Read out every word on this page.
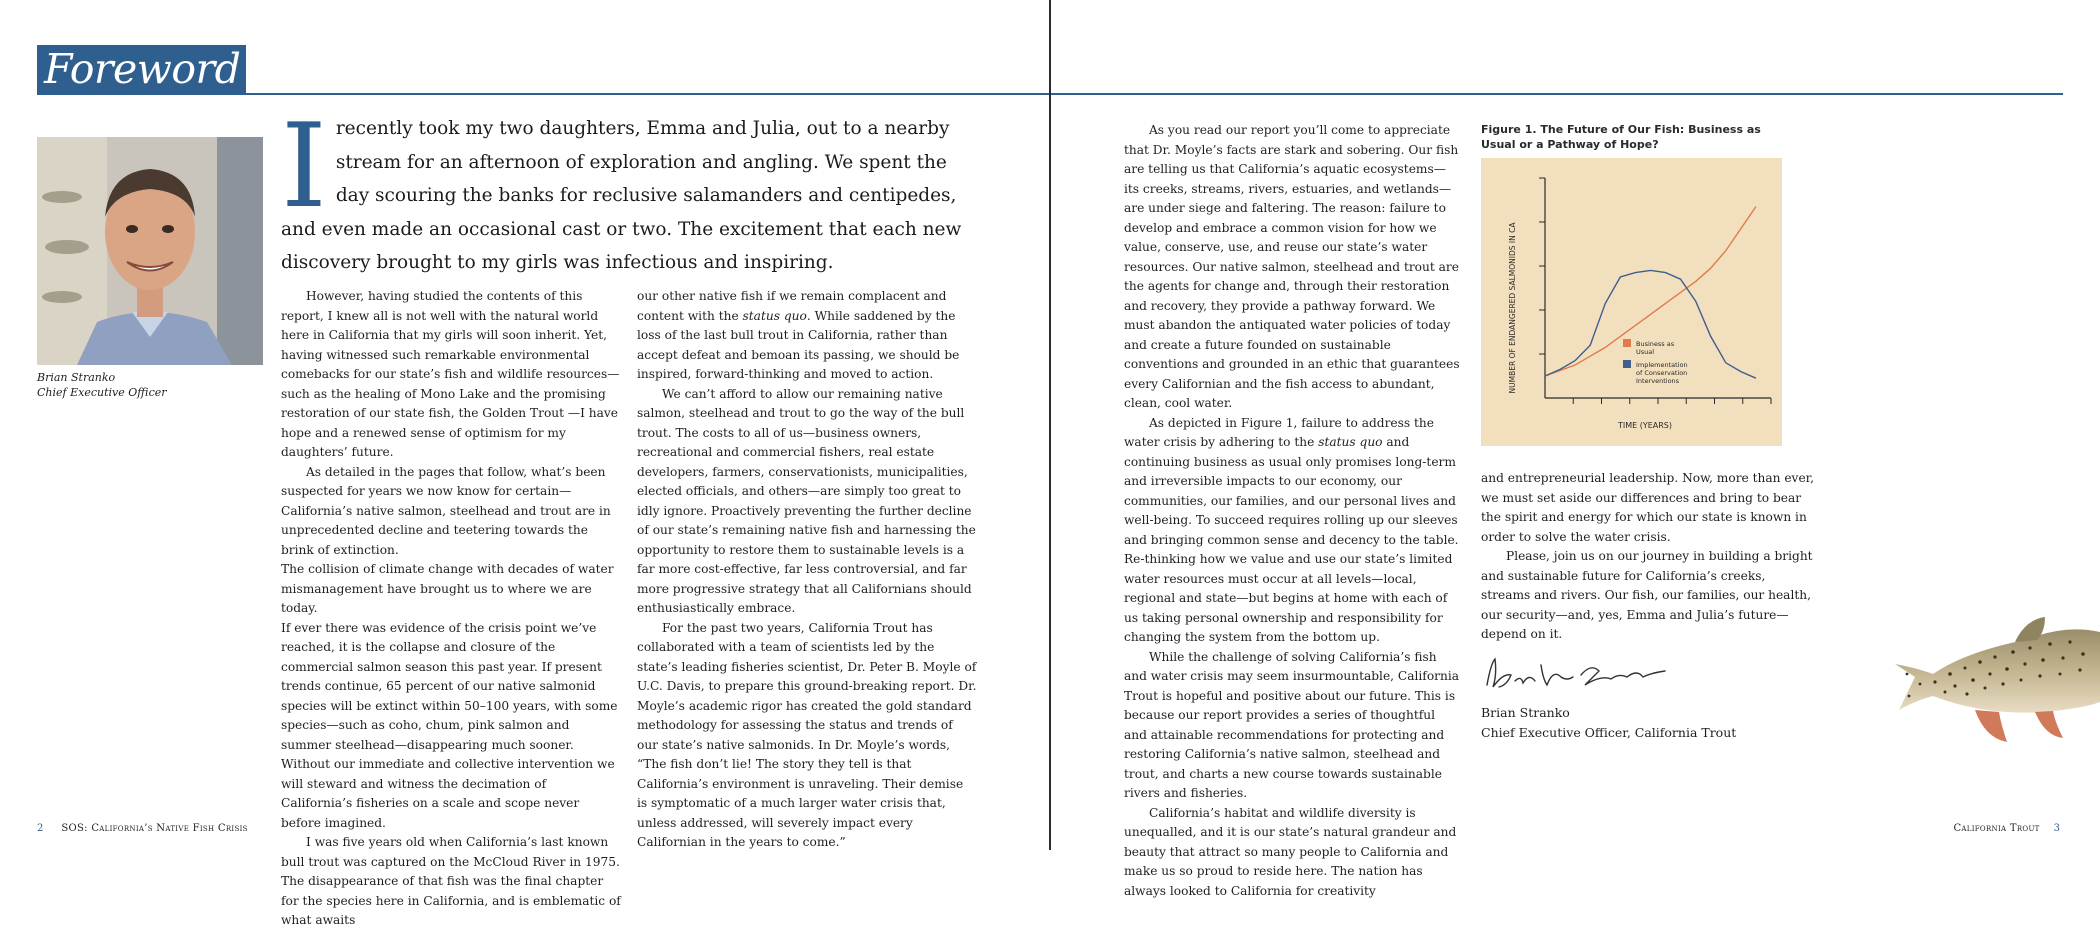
Foreword
Brian Stranko
Chief Executive Officer
I recently took my two daughters, Emma and Julia, out to a nearby stream for an afternoon of exploration and angling. We spent the day scouring the banks for reclusive salamanders and centipedes, and even made an occasional cast or two. The excitement that each new discovery brought to my girls was infectious and inspiring.

However, having studied the contents of this report, I knew all is not well with the natural world here in California that my girls will soon inherit. Yet, having witnessed such remarkable environmental comebacks for our state’s fish and wildlife resources—such as the healing of Mono Lake and the promising restoration of our state fish, the Golden Trout —I have hope and a renewed sense of optimism for my daughters’ future.

As detailed in the pages that follow, what’s been suspected for years we now know for certain—California’s native salmon, steelhead and trout are in unprecedented decline and teetering towards the brink of extinction.

The collision of climate change with decades of water mismanagement have brought us to where we are today.

If ever there was evidence of the crisis point we’ve reached, it is the collapse and closure of the commercial salmon season this past year. If present trends continue, 65 percent of our native salmonid species will be extinct within 50–100 years, with some species—such as coho, chum, pink salmon and summer steelhead—disappearing much sooner. Without our immediate and collective intervention we will steward and witness the decimation of California’s fisheries on a scale and scope never before imagined.

I was five years old when California’s last known bull trout was captured on the McCloud River in 1975. The disappearance of that fish was the final chapter for the species here in California, and is emblematic of what awaits

our other native fish if we remain complacent and content with the status quo. While saddened by the loss of the last bull trout in California, rather than accept defeat and bemoan its passing, we should be inspired, forward-thinking and moved to action.

We can’t afford to allow our remaining native salmon, steelhead and trout to go the way of the bull trout. The costs to all of us—business owners, recreational and commercial fishers, real estate developers, farmers, conservationists, municipalities, elected officials, and others—are simply too great to idly ignore. Proactively preventing the further decline of our state’s remaining native fish and harnessing the opportunity to restore them to sustainable levels is a far more cost-effective, far less controversial, and far more progressive strategy that all Californians should enthusiastically embrace.

For the past two years, California Trout has collaborated with a team of scientists led by the state’s leading fisheries scientist, Dr. Peter B. Moyle of U.C. Davis, to prepare this ground-breaking report. Dr. Moyle’s academic rigor has created the gold standard methodology for assessing the status and trends of our state’s native salmonids. In Dr. Moyle’s words, “The fish don’t lie! The story they tell is that California’s environment is unraveling. Their demise is symptomatic of a much larger water crisis that, unless addressed, will severely impact every Californian in the years to come.”

As you read our report you’ll come to appreciate that Dr. Moyle’s facts are stark and sobering. Our fish are telling us that California’s aquatic ecosystems—its creeks, streams, rivers, estuaries, and wetlands—are under siege and faltering. The reason: failure to develop and embrace a common vision for how we value, conserve, use, and reuse our state’s water resources. Our native salmon, steelhead and trout are the agents for change and, through their restoration and recovery, they provide a pathway forward. We must abandon the antiquated water policies of today and create a future founded on sustainable conventions and grounded in an ethic that guarantees every Californian and the fish access to abundant, clean, cool water.

As depicted in Figure 1, failure to address the water crisis by adhering to the status quo and continuing business as usual only promises long-term and irreversible impacts to our economy, our communities, our families, and our personal lives and well-being. To succeed requires rolling up our sleeves and bringing common sense and decency to the table. Re-thinking how we value and use our state’s limited water resources must occur at all levels—local, regional and state—but begins at home with each of us taking personal ownership and responsibility for changing the system from the bottom up.

While the challenge of solving California’s fish and water crisis may seem insurmountable, California Trout is hopeful and positive about our future. This is because our report provides a series of thoughtful and attainable recommendations for protecting and restoring California’s native salmon, steelhead and trout, and charts a new course towards sustainable rivers and fisheries.

California’s habitat and wildlife diversity is unequalled, and it is our state’s natural grandeur and beauty that attract so many people to California and make us so proud to reside here. The nation has always looked to California for creativity

Figure 1. The Future of Our Fish: Business as Usual or a Pathway of Hope?
Business as Usual
Implementation of Conservation Interventions
TIME (YEARS)
NUMBER OF ENDANGERED SALMONIDS IN CA

and entrepreneurial leadership. Now, more than ever, we must set aside our differences and bring to bear the spirit and energy for which our state is known in order to solve the water crisis.

Please, join us on our journey in building a bright and sustainable future for California’s creeks, streams and rivers. Our fish, our families, our health, our security—and, yes, Emma and Julia’s future—depend on it.

Brian Stranko
Chief Executive Officer, California Trout
2 SOS: California’s Native Fish Crisis	California Trout 3
